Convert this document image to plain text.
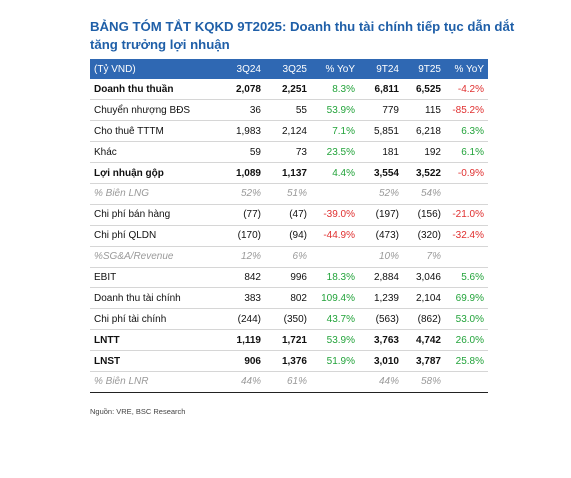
BẢNG TÓM TẮT KQKD 9T2025: Doanh thu tài chính tiếp tục dẫn dắt tăng trưởng lợi nhuận
(Tỷ VND)	3Q24	3Q25	% YoY	9T24	9T25	% YoY
Doanh thu thuần	2,078	2,251	8.3%	6,811	6,525	-4.2%
Chuyển nhượng BĐS	36	55	53.9%	779	115	-85.2%
Cho thuê TTTM	1,983	2,124	7.1%	5,851	6,218	6.3%
Khác	59	73	23.5%	181	192	6.1%
Lợi nhuận gộp	1,089	1,137	4.4%	3,554	3,522	-0.9%
% Biên LNG	52%	51%		52%	54%	
Chi phí bán hàng	(77)	(47)	-39.0%	(197)	(156)	-21.0%
Chi phí QLDN	(170)	(94)	-44.9%	(473)	(320)	-32.4%
%SG&A/Revenue	12%	6%		10%	7%	
EBIT	842	996	18.3%	2,884	3,046	5.6%
Doanh thu tài chính	383	802	109.4%	1,239	2,104	69.9%
Chi phí tài chính	(244)	(350)	43.7%	(563)	(862)	53.0%
LNTT	1,119	1,721	53.9%	3,763	4,742	26.0%
LNST	906	1,376	51.9%	3,010	3,787	25.8%
% Biên LNR	44%	61%		44%	58%	
Nguồn: VRE, BSC Research
